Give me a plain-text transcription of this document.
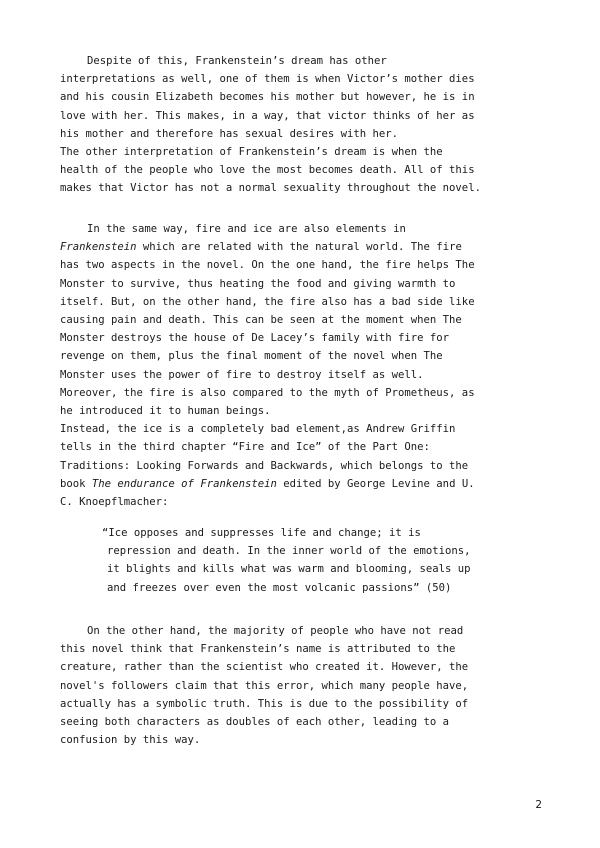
Despite of this, Frankenstein’s dream has other
interpretations as well, one of them is when Victor’s mother dies
and his cousin Elizabeth becomes his mother but however, he is in
love with her. This makes, in a way, that victor thinks of her as
his mother and therefore has sexual desires with her.
The other interpretation of Frankenstein’s dream is when the
health of the people who love the most becomes death. All of this
makes that Victor has not a normal sexuality throughout the novel.
In the same way, fire and ice are also elements in
Frankenstein which are related with the natural world. The fire
has two aspects in the novel. On the one hand, the fire helps The
Monster to survive, thus heating the food and giving warmth to
itself. But, on the other hand, the fire also has a bad side like
causing pain and death. This can be seen at the moment when The
Monster destroys the house of De Lacey’s family with fire for
revenge on them, plus the final moment of the novel when The
Monster uses the power of fire to destroy itself as well.
Moreover, the fire is also compared to the myth of Prometheus, as
he introduced it to human beings.
Instead, the ice is a completely bad element,as Andrew Griffin
tells in the third chapter “Fire and Ice” of the Part One:
Traditions: Looking Forwards and Backwards, which belongs to the
book The endurance of Frankenstein edited by George Levine and U.
C. Knoepflmacher:
“Ice opposes and suppresses life and change; it is
repression and death. In the inner world of the emotions,
it blights and kills what was warm and blooming, seals up
and freezes over even the most volcanic passions” (50)
On the other hand, the majority of people who have not read
this novel think that Frankenstein’s name is attributed to the
creature, rather than the scientist who created it. However, the
novel's followers claim that this error, which many people have,
actually has a symbolic truth. This is due to the possibility of
seeing both characters as doubles of each other, leading to a
confusion by this way.
2
